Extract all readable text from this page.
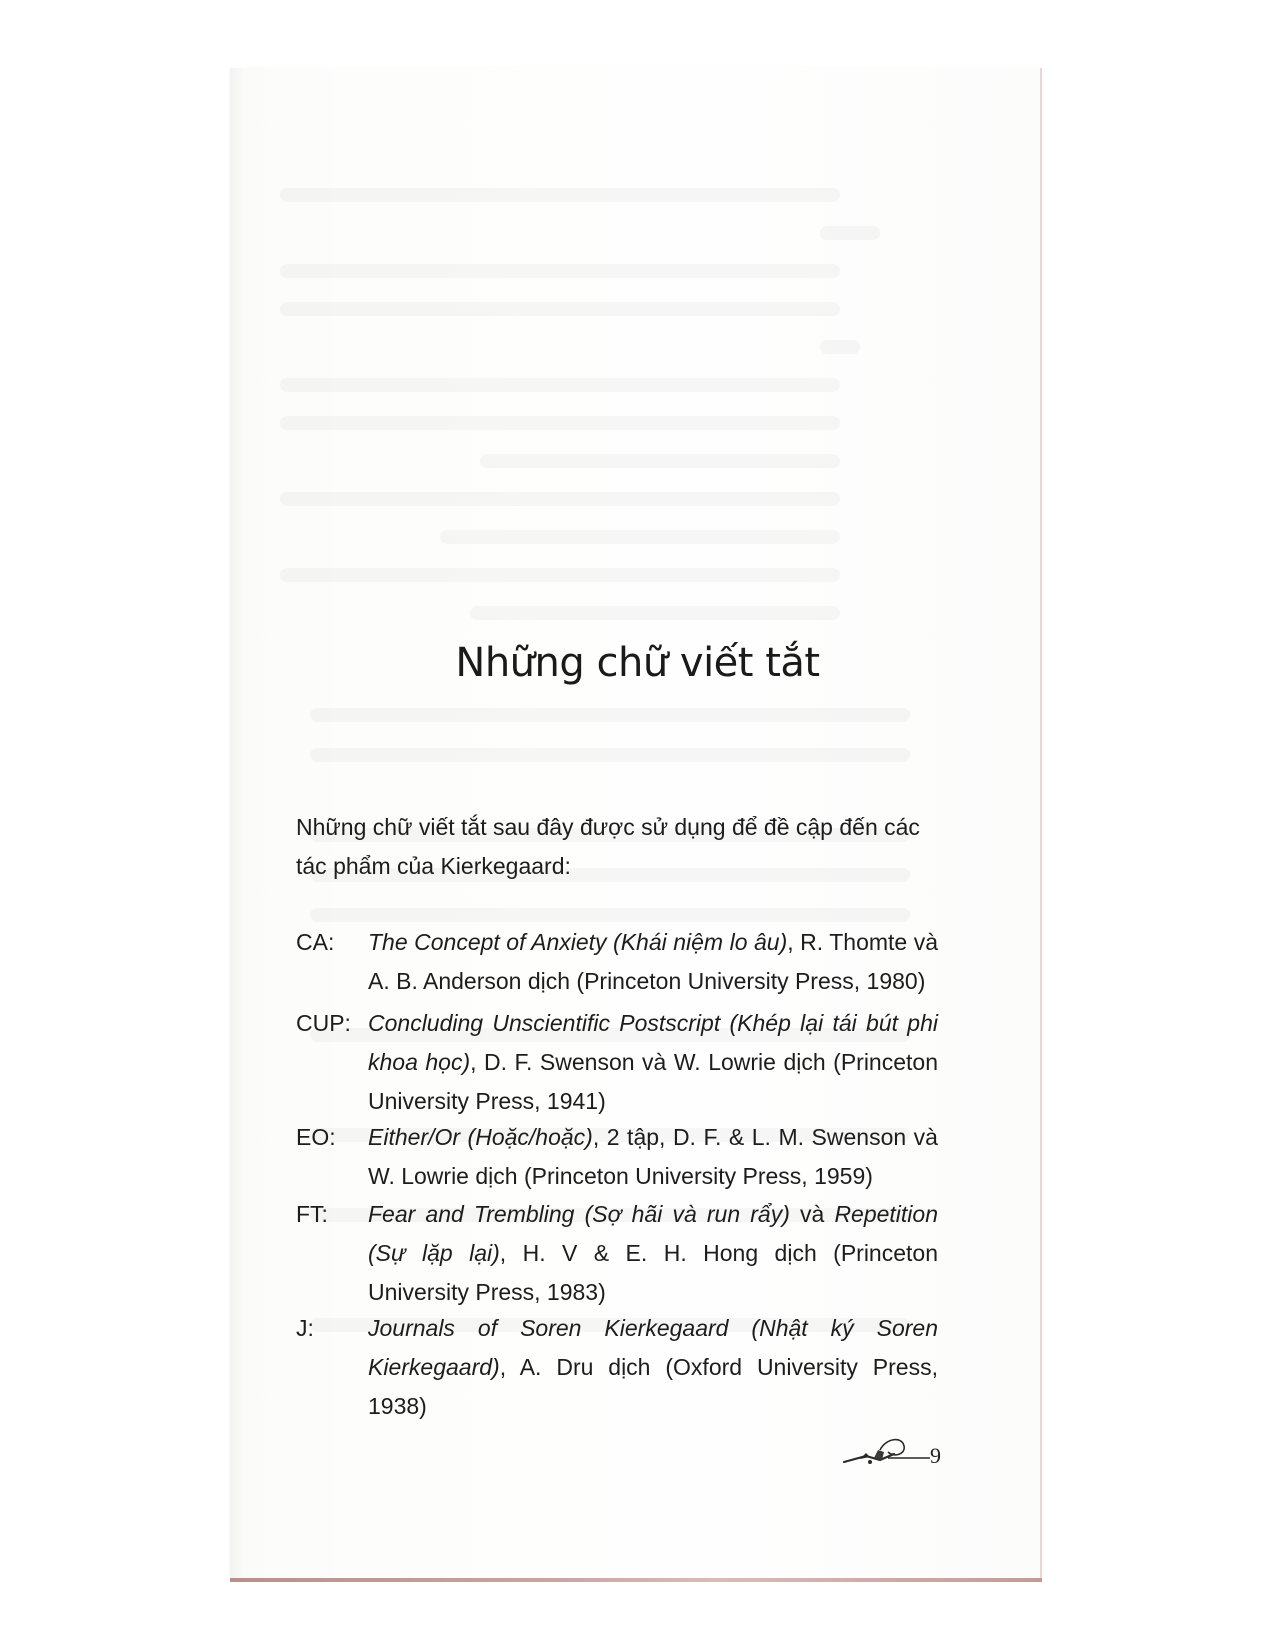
Những chữ viết tắt

Những chữ viết tắt sau đây được sử dụng để đề cập đến các tác phẩm của Kierkegaard:

CA: The Concept of Anxiety (Khái niệm lo âu), R. Thomte và A. B. Anderson dịch (Princeton University Press, 1980)
CUP: Concluding Unscientific Postscript (Khép lại tái bút phi khoa học), D. F. Swenson và W. Lowrie dịch (Princeton University Press, 1941)
EO: Either/Or (Hoặc/hoặc), 2 tập, D. F. & L. M. Swenson và W. Lowrie dịch (Princeton University Press, 1959)
FT: Fear and Trembling (Sợ hãi và run rẩy) và Repetition (Sự lặp lại), H. V & E. H. Hong dịch (Princeton University Press, 1983)
J: Journals of Soren Kierkegaard (Nhật ký Soren Kierkegaard), A. Dru dịch (Oxford University Press, 1938)
9
